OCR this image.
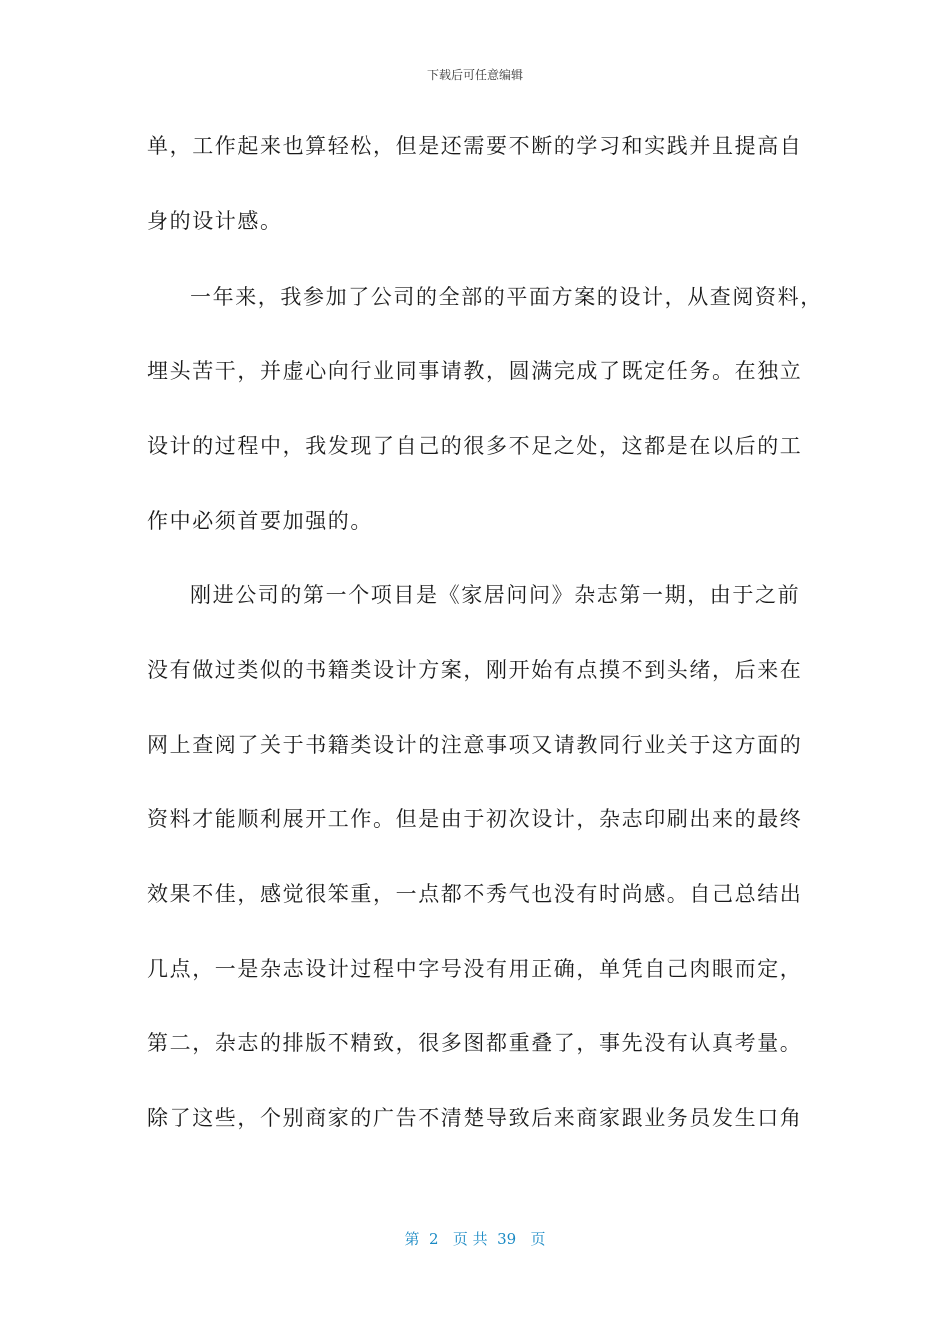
下载后可任意编辑
单，工作起来也算轻松，但是还需要不断的学习和实践并且提高自
身的设计感。
一年来，我参加了公司的全部的平面方案的设计，从查阅资料，
埋头苦干，并虚心向行业同事请教，圆满完成了既定任务。在独立
设计的过程中，我发现了自己的很多不足之处，这都是在以后的工
作中必须首要加强的。
刚进公司的第一个项目是《家居问问》杂志第一期，由于之前
没有做过类似的书籍类设计方案，刚开始有点摸不到头绪，后来在
网上查阅了关于书籍类设计的注意事项又请教同行业关于这方面的
资料才能顺利展开工作。但是由于初次设计，杂志印刷出来的最终
效果不佳，感觉很笨重，一点都不秀气也没有时尚感。自己总结出
几点，一是杂志设计过程中字号没有用正确，单凭自己肉眼而定，
第二，杂志的排版不精致，很多图都重叠了，事先没有认真考量。
除了这些，个别商家的广告不清楚导致后来商家跟业务员发生口角
第  2   页 共  39   页
